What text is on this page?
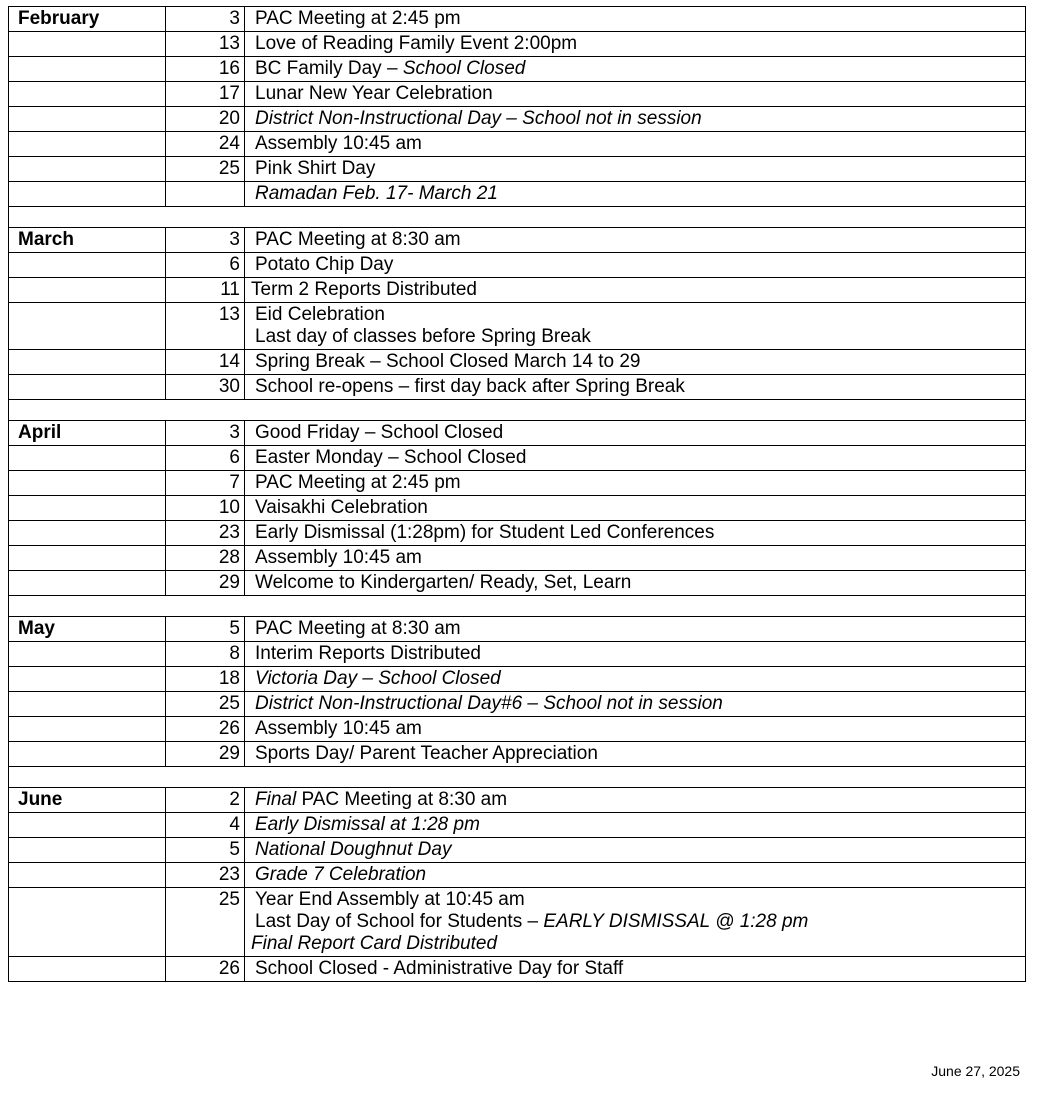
February	3	PAC Meeting at 2:45 pm

	13	Love of Reading Family Event 2:00pm

	16	BC Family Day – School Closed

	17	Lunar New Year Celebration

	20	District Non-Instructional Day – School not in session

	24	Assembly 10:45 am

	25	Pink Shirt Day

		Ramadan Feb. 17- March 21

March	3	PAC Meeting at 8:30 am

	6	Potato Chip Day

	11	Term 2 Reports Distributed

	13	Eid Celebration
Last day of classes before Spring Break

	14	Spring Break – School Closed March 14 to 29

	30	School re-opens – first day back after Spring Break

April	3	Good Friday – School Closed

	6	Easter Monday – School Closed

	7	PAC Meeting at 2:45 pm

	10	Vaisakhi Celebration

	23	Early Dismissal (1:28pm) for Student Led Conferences

	28	Assembly 10:45 am

	29	Welcome to Kindergarten/ Ready, Set, Learn

May	5	PAC Meeting at 8:30 am

	8	Interim Reports Distributed

	18	Victoria Day – School Closed

	25	District Non-Instructional Day#6 – School not in session

	26	Assembly 10:45 am

	29	Sports Day/ Parent Teacher Appreciation

June	2	Final PAC Meeting at 8:30 am

	4	Early Dismissal at 1:28 pm

	5	National Doughnut Day

	23	Grade 7 Celebration

	25	Year End Assembly at 10:45 am
Last Day of School for Students – EARLY DISMISSAL @ 1:28 pm
Final Report Card Distributed

	26	School Closed - Administrative Day for Staff
June 27, 2025
